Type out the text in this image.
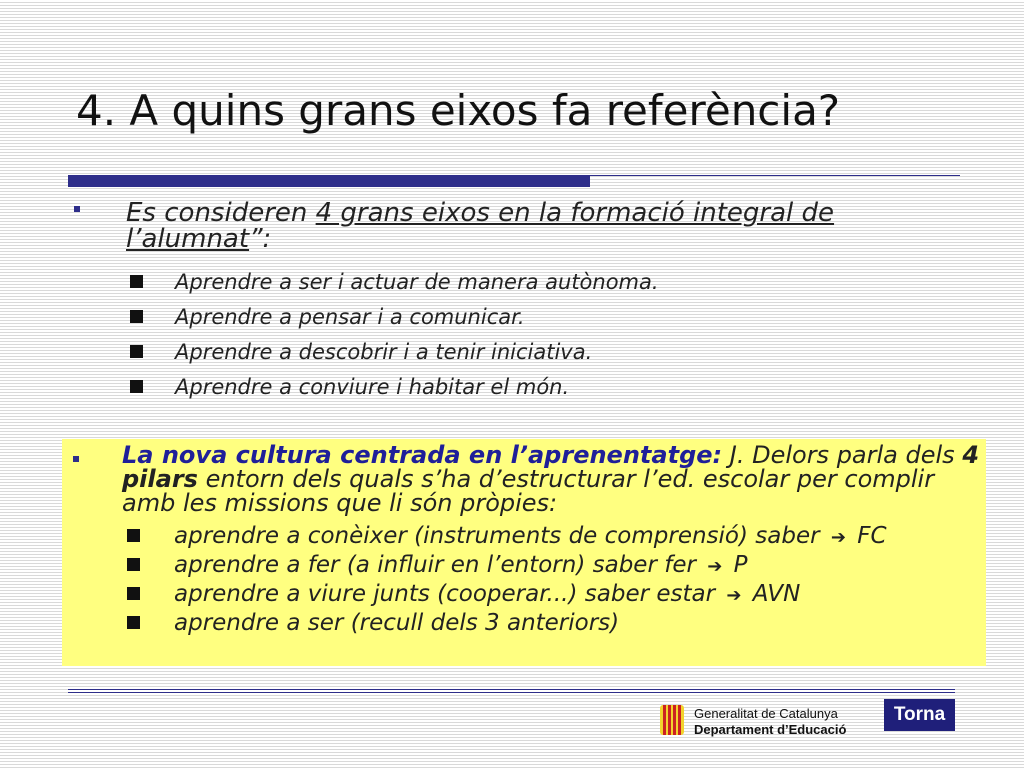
4. A quins grans eixos fa referència?
Es consideren 4 grans eixos en la formació integral de l’alumnat”:
Aprendre a ser i actuar de manera autònoma.
Aprendre a pensar i a comunicar.
Aprendre a descobrir i a tenir iniciativa.
Aprendre a conviure i habitar el món.
La nova cultura centrada en l’aprenentatge: J. Delors parla dels 4 pilars entorn dels quals s’ha d’estructurar l’ed. escolar per complir amb les missions que li són pròpies:
aprendre a conèixer (instruments de comprensió) saber ➔ FC
aprendre a fer (a influir en l’entorn) saber fer ➔ P
aprendre a viure junts (cooperar...) saber estar ➔ AVN
aprendre a ser (recull dels 3 anteriors)
Generalitat de Catalunya
Departament d’Educació
Torna
